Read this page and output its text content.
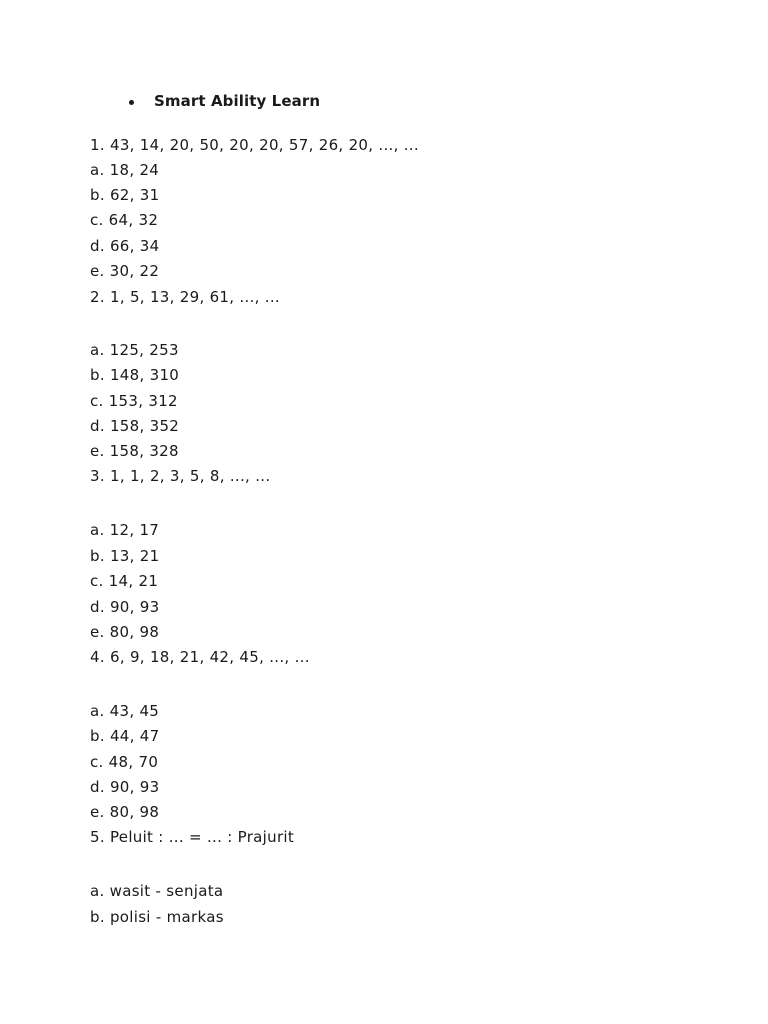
Smart Ability Learn
1. 43, 14, 20, 50, 20, 20, 57, 26, 20, ..., ...
a. 18, 24
b. 62, 31
c. 64, 32
d. 66, 34
e. 30, 22
2. 1, 5, 13, 29, 61, ..., ...
a. 125, 253
b. 148, 310
c. 153, 312
d. 158, 352
e. 158, 328
3. 1, 1, 2, 3, 5, 8, ..., ...
a. 12, 17
b. 13, 21
c. 14, 21
d. 90, 93
e. 80, 98
4. 6, 9, 18, 21, 42, 45, ..., ...
a. 43, 45
b. 44, 47
c. 48, 70
d. 90, 93
e. 80, 98
5. Peluit : ... = ... : Prajurit
a. wasit - senjata
b. polisi - markas
